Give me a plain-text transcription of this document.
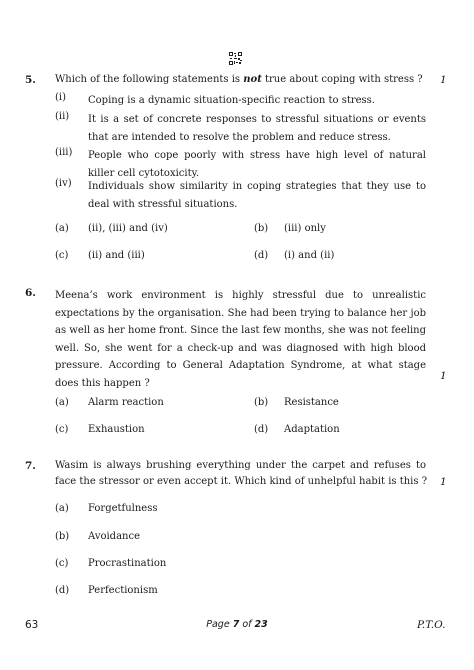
5. Which of the following statements is not true about coping with stress ? 1
(i) Coping is a dynamic situation-specific reaction to stress.
(ii) It is a set of concrete responses to stressful situations or events that are intended to resolve the problem and reduce stress.
(iii) People who cope poorly with stress have high level of natural killer cell cytotoxicity.
(iv) Individuals show similarity in coping strategies that they use to deal with stressful situations.
(a) (ii), (iii) and (iv)	(b) (iii) only
(c) (ii) and (iii)	(d) (i) and (ii)
6. Meena’s work environment is highly stressful due to unrealistic expectations by the organisation. She had been trying to balance her job as well as her home front. Since the last few months, she was not feeling well. So, she went for a check-up and was diagnosed with high blood pressure. According to General Adaptation Syndrome, at what stage does this happen ?
1
(a) Alarm reaction	(b) Resistance
(c) Exhaustion	(d) Adaptation
7. Wasim is always brushing everything under the carpet and refuses to
face the stressor or even accept it. Which kind of unhelpful habit is this ? 1
(a) Forgetfulness
(b) Avoidance
(c) Procrastination
(d) Perfectionism
63	Page 7 of 23	P.T.O.
